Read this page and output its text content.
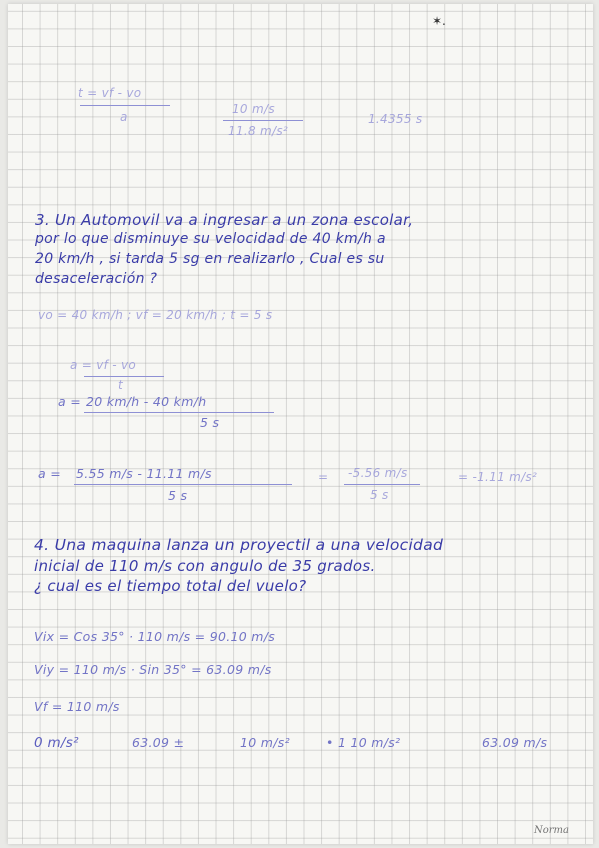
✶.
t = vf - vo
a
10 m/s
11.8 m/s²
1.4355 s
3. Un Automovil va a ingresar a un zona escolar,
por lo que disminuye su velocidad de 40 km/h a
20 km/h , si tarda 5 sg en realizarlo , Cual es su
desaceleración ?
vo = 40 km/h ; vf = 20 km/h ; t = 5 s
a = vf - vo
t
a = 20 km/h - 40 km/h
5 s
a = 5.55 m/s - 11.11 m/s
5 s
= -5.56 m/s
5 s
= -1.11 m/s²
4. Una maquina lanza un proyectil a una velocidad
inicial de 110 m/s con angulo de 35 grados.
¿ cual es el tiempo total del vuelo?
Vix = Cos 35° · 110 m/s = 90.10 m/s
Viy = 110 m/s · Sin 35° = 63.09 m/s
Vf = 110 m/s
0 m/s²	63.09 ±	10 m/s²	• 1 10 m/s²	63.09 m/s
Norma
